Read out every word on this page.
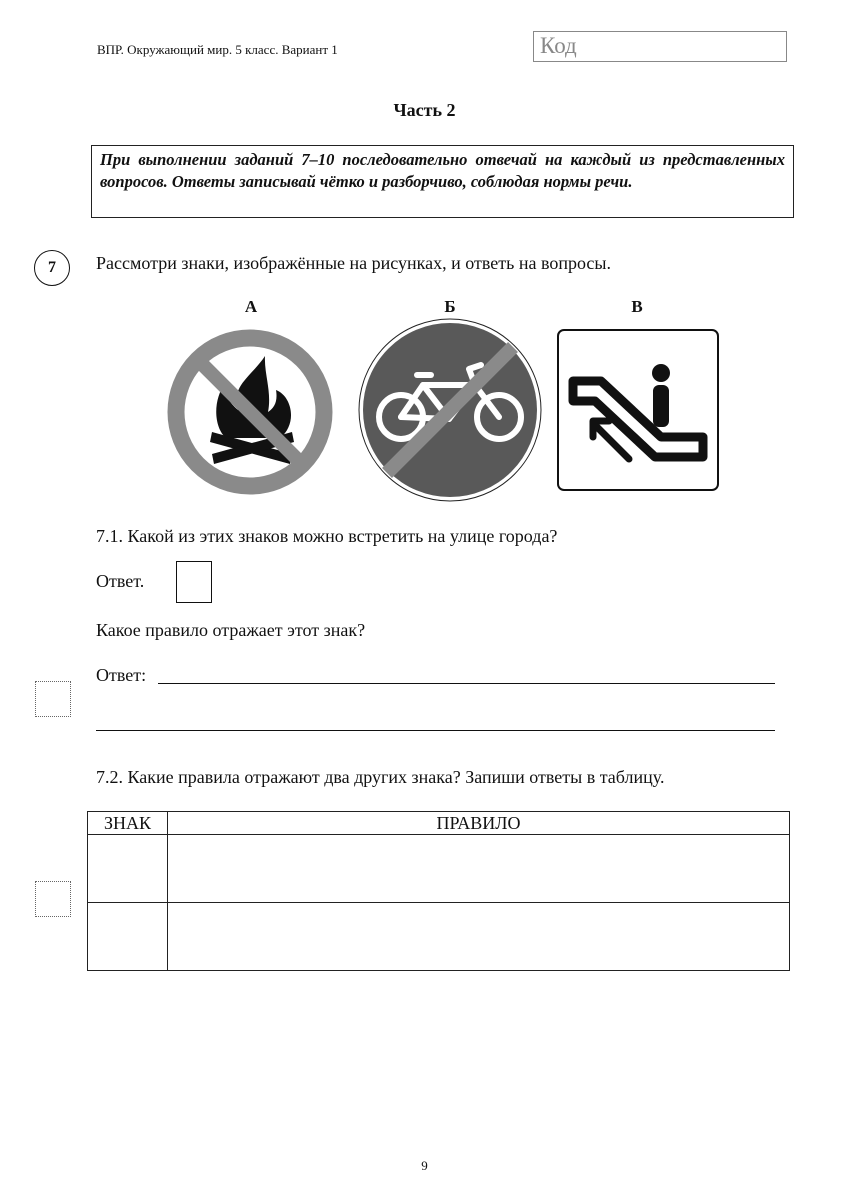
ВПР. Окружающий мир. 5 класс. Вариант 1	Код
Часть 2
При выполнении заданий 7–10 последовательно отвечай на каждый из представленных вопросов. Ответы записывай чётко и разборчиво, соблюдая нормы речи.
7	Рассмотри знаки, изображённые на рисунках, и ответь на вопросы.
А	Б	В
7.1. Какой из этих знаков можно встретить на улице города?
Ответ.
Какое правило отражает этот знак?
Ответ:
7.2. Какие правила отражают два других знака? Запиши ответы в таблицу.
ЗНАК	ПРАВИЛО

9
